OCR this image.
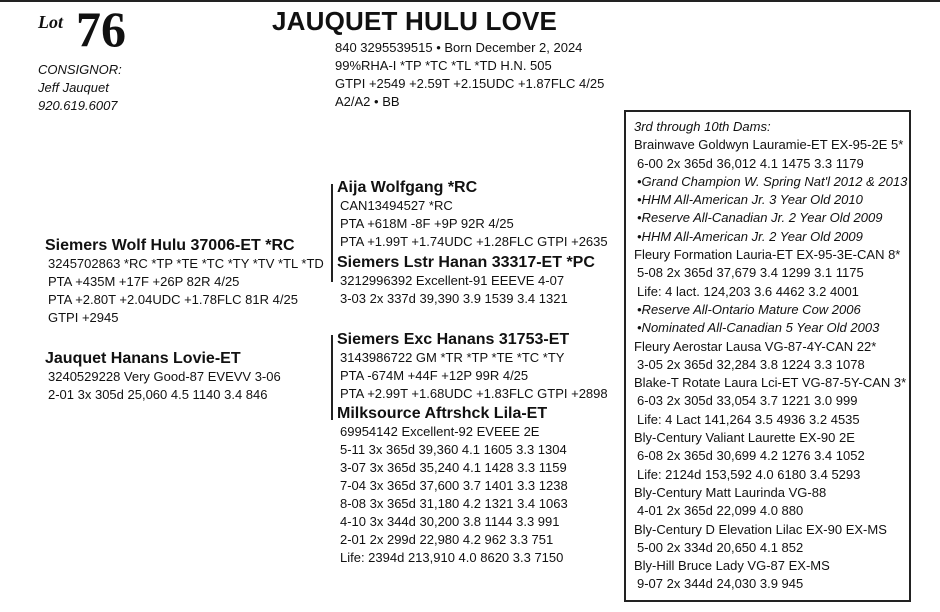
Lot 76	JAUQUET HULU LOVE
840 3295539515 • Born December 2, 2024
99%RHA-I *TP *TC *TL *TD H.N. 505
GTPI +2549 +2.59T +2.15UDC +1.87FLC 4/25
A2/A2 • BB
CONSIGNOR:
Jeff Jauquet
920.619.6007
Siemers Wolf Hulu 37006-ET *RC
3245702863 *RC *TP *TE *TC *TY *TV *TL *TD
PTA +435M +17F +26P 82R 4/25
PTA +2.80T +2.04UDC +1.78FLC 81R 4/25
GTPI +2945
Jauquet Hanans Lovie-ET
3240529228 Very Good-87 EVEVV 3-06
2-01 3x 305d 25,060 4.5 1140 3.4 846
Aija Wolfgang *RC
CAN13494527 *RC
PTA +618M -8F +9P 92R 4/25
PTA +1.99T +1.74UDC +1.28FLC GTPI +2635
Siemers Lstr Hanan 33317-ET *PC
3212996392 Excellent-91 EEEVE 4-07
3-03 2x 337d 39,390 3.9 1539 3.4 1321
Siemers Exc Hanans 31753-ET
3143986722 GM *TR *TP *TE *TC *TY
PTA -674M +44F +12P 99R 4/25
PTA +2.99T +1.68UDC +1.83FLC GTPI +2898
Milksource Aftrshck Lila-ET
69954142 Excellent-92 EVEEE 2E
5-11 3x 365d 39,360 4.1 1605 3.3 1304
3-07 3x 365d 35,240 4.1 1428 3.3 1159
7-04 3x 365d 37,600 3.7 1401 3.3 1238
8-08 3x 365d 31,180 4.2 1321 3.4 1063
4-10 3x 344d 30,200 3.8 1144 3.3 991
2-01 2x 299d 22,980 4.2 962 3.3 751
Life: 2394d 213,910 4.0 8620 3.3 7150
3rd through 10th Dams:
Brainwave Goldwyn Lauramie-ET EX-95-2E 5*
6-00 2x 365d 36,012 4.1 1475 3.3 1179
•Grand Champion W. Spring Nat'l 2012 & 2013
•HHM All-American Jr. 3 Year Old 2010
•Reserve All-Canadian Jr. 2 Year Old 2009
•HHM All-American Jr. 2 Year Old 2009
Fleury Formation Lauria-ET EX-95-3E-CAN 8*
5-08 2x 365d 37,679 3.4 1299 3.1 1175
Life: 4 lact. 124,203 3.6 4462 3.2 4001
•Reserve All-Ontario Mature Cow 2006
•Nominated All-Canadian 5 Year Old 2003
Fleury Aerostar Lausa VG-87-4Y-CAN 22*
3-05 2x 365d 32,284 3.8 1224 3.3 1078
Blake-T Rotate Laura Lci-ET VG-87-5Y-CAN 3*
6-03 2x 305d 33,054 3.7 1221 3.0 999
Life: 4 Lact 141,264 3.5 4936 3.2 4535
Bly-Century Valiant Laurette EX-90 2E
6-08 2x 365d 30,699 4.2 1276 3.4 1052
Life: 2124d 153,592 4.0 6180 3.4 5293
Bly-Century Matt Laurinda VG-88
4-01 2x 365d 22,099 4.0 880
Bly-Century D Elevation Lilac EX-90 EX-MS
5-00 2x 334d 20,650 4.1 852
Bly-Hill Bruce Lady VG-87 EX-MS
9-07 2x 344d 24,030 3.9 945
